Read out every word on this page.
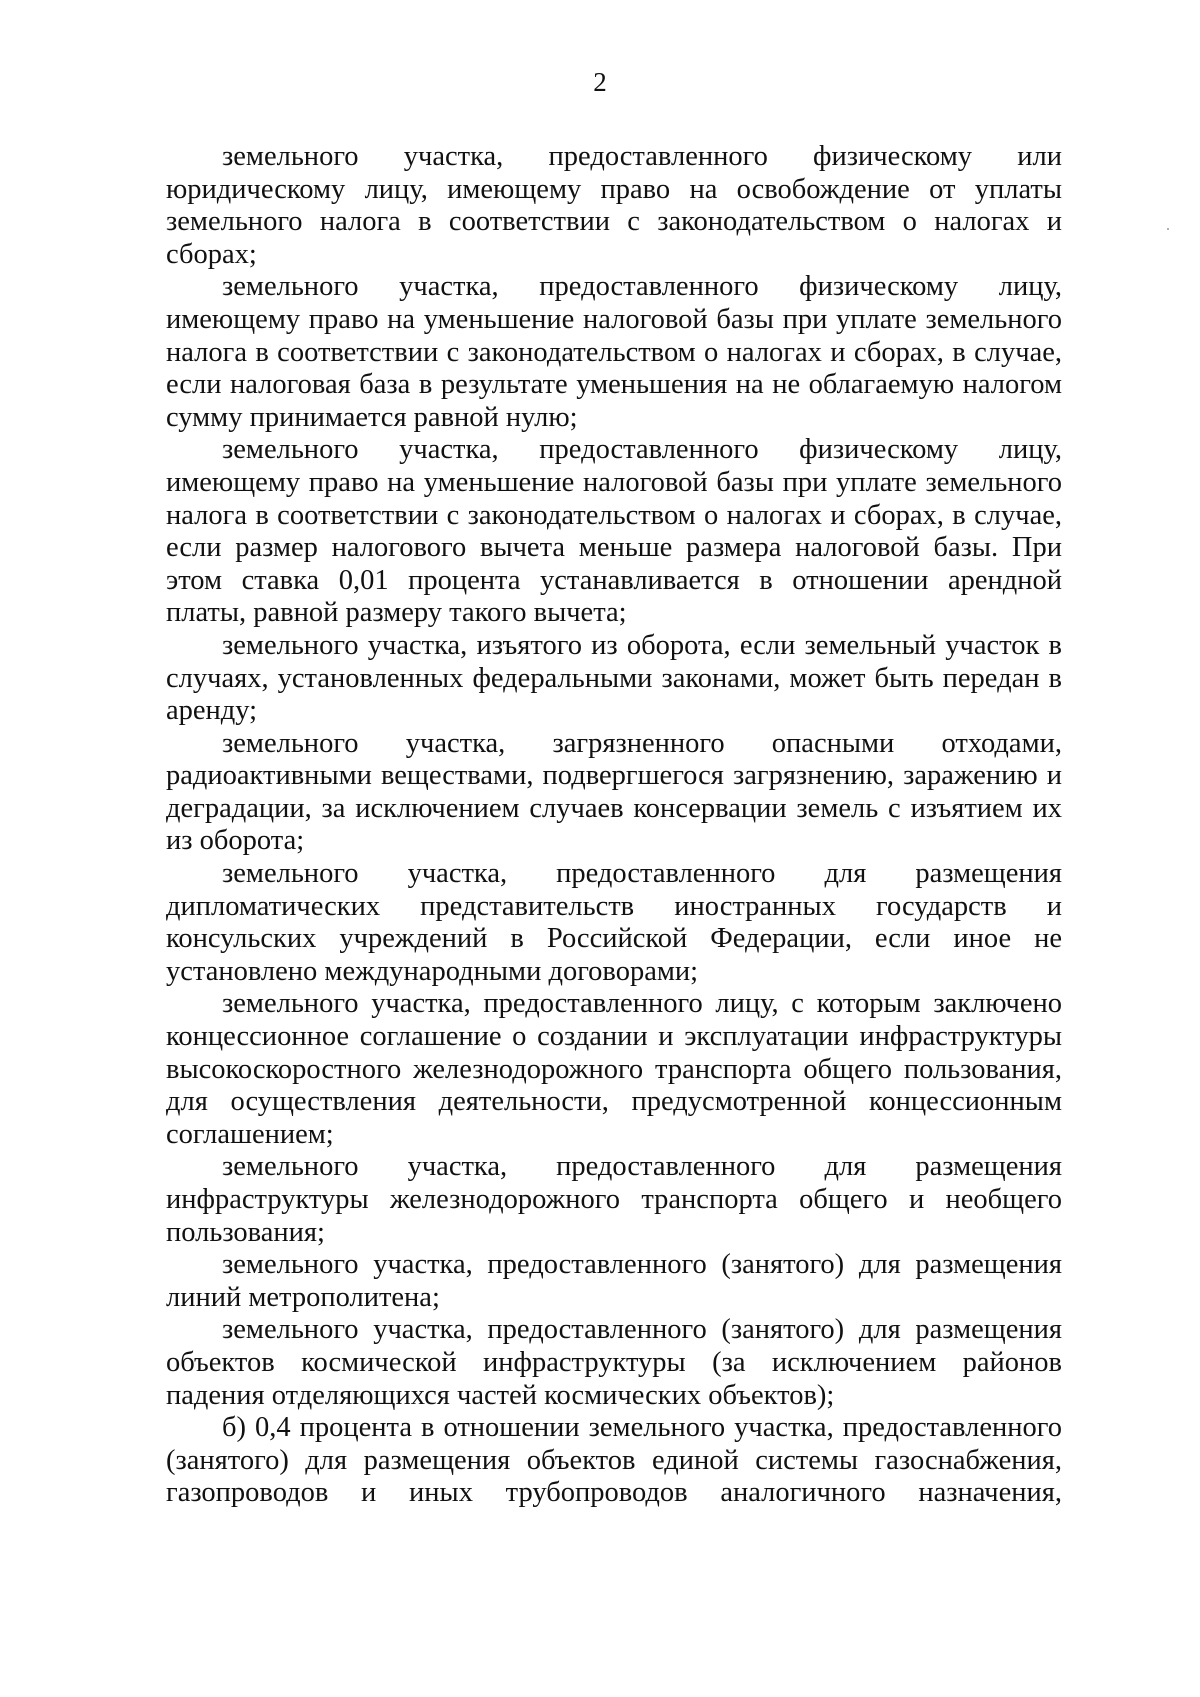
2

земельного участка, предоставленного физическому или юридическому лицу, имеющему право на освобождение от уплаты земельного налога в соответствии с законодательством о налогах и сборах;

земельного участка, предоставленного физическому лицу, имеющему право на уменьшение налоговой базы при уплате земельного налога в соответствии с законодательством о налогах и сборах, в случае, если налоговая база в результате уменьшения на не облагаемую налогом сумму принимается равной нулю;

земельного участка, предоставленного физическому лицу, имеющему право на уменьшение налоговой базы при уплате земельного налога в соответствии с законодательством о налогах и сборах, в случае, если размер налогового вычета меньше размера налоговой базы. При этом ставка 0,01 процента устанавливается в отношении арендной платы, равной размеру такого вычета;

земельного участка, изъятого из оборота, если земельный участок в случаях, установленных федеральными законами, может быть передан в аренду;

земельного участка, загрязненного опасными отходами, радиоактивными веществами, подвергшегося загрязнению, заражению и деградации, за исключением случаев консервации земель с изъятием их из оборота;

земельного участка, предоставленного для размещения дипломатических представительств иностранных государств и консульских учреждений в Российской Федерации, если иное не установлено международными договорами;

земельного участка, предоставленного лицу, с которым заключено концессионное соглашение о создании и эксплуатации инфраструктуры высокоскоростного железнодорожного транспорта общего пользования, для осуществления деятельности, предусмотренной концессионным соглашением;

земельного участка, предоставленного для размещения инфраструктуры железнодорожного транспорта общего и необщего пользования;

земельного участка, предоставленного (занятого) для размещения линий метрополитена;

земельного участка, предоставленного (занятого) для размещения объектов космической инфраструктуры (за исключением районов падения отделяющихся частей космических объектов);

б) 0,4 процента в отношении земельного участка, предоставленного (занятого) для размещения объектов единой системы газоснабжения, газопроводов и иных трубопроводов аналогичного назначения,
